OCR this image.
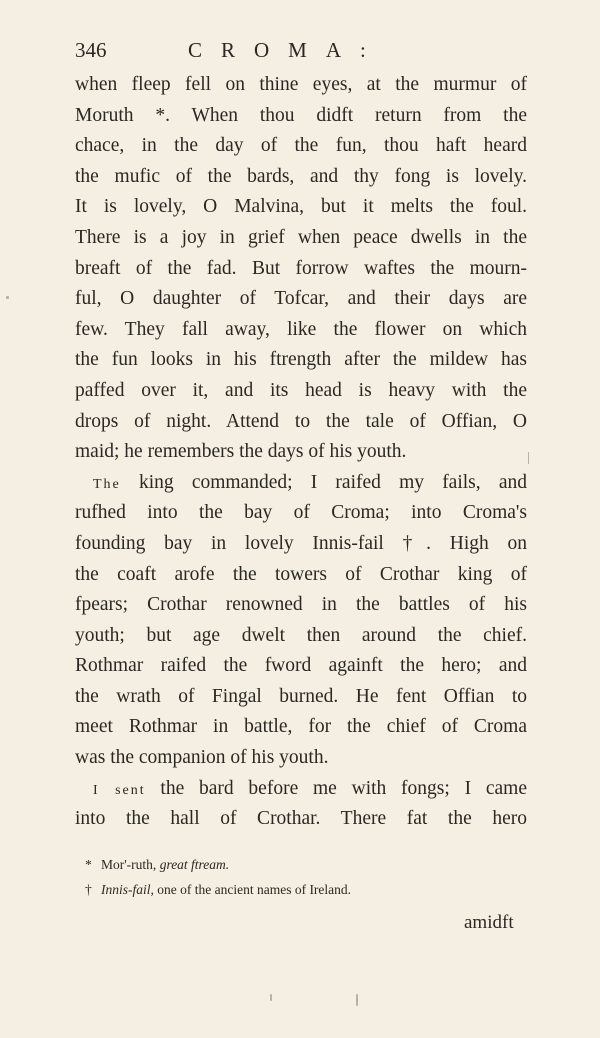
346	CROMA:
when fleep fell on thine eyes, at the murmur of
Moruth *. When thou didft return from the
chace, in the day of the fun, thou haft heard
the mufic of the bards, and thy fong is lovely.
It is lovely, O Malvina, but it melts the foul.
There is a joy in grief when peace dwells in the
breaft of the fad. But forrow waftes the mourn-
ful, O daughter of Tofcar, and their days are
few. They fall away, like the flower on which
the fun looks in his ftrength after the mildew has
paffed over it, and its head is heavy with the
drops of night. Attend to the tale of Offian, O
maid; he remembers the days of his youth.
The king commanded; I raifed my fails, and
rufhed into the bay of Croma; into Croma's
founding bay in lovely Innis-fail †. High on
the coaft arofe the towers of Crothar king of
fpears; Crothar renowned in the battles of his
youth; but age dwelt then around the chief.
Rothmar raifed the fword againft the hero; and
the wrath of Fingal burned. He fent Offian to
meet Rothmar in battle, for the chief of Croma
was the companion of his youth.
I sent the bard before me with fongs; I came
into the hall of Crothar. There fat the hero
* Mor'-ruth, great ftream.
† Innis-fail, one of the ancient names of Ireland.
amidft
